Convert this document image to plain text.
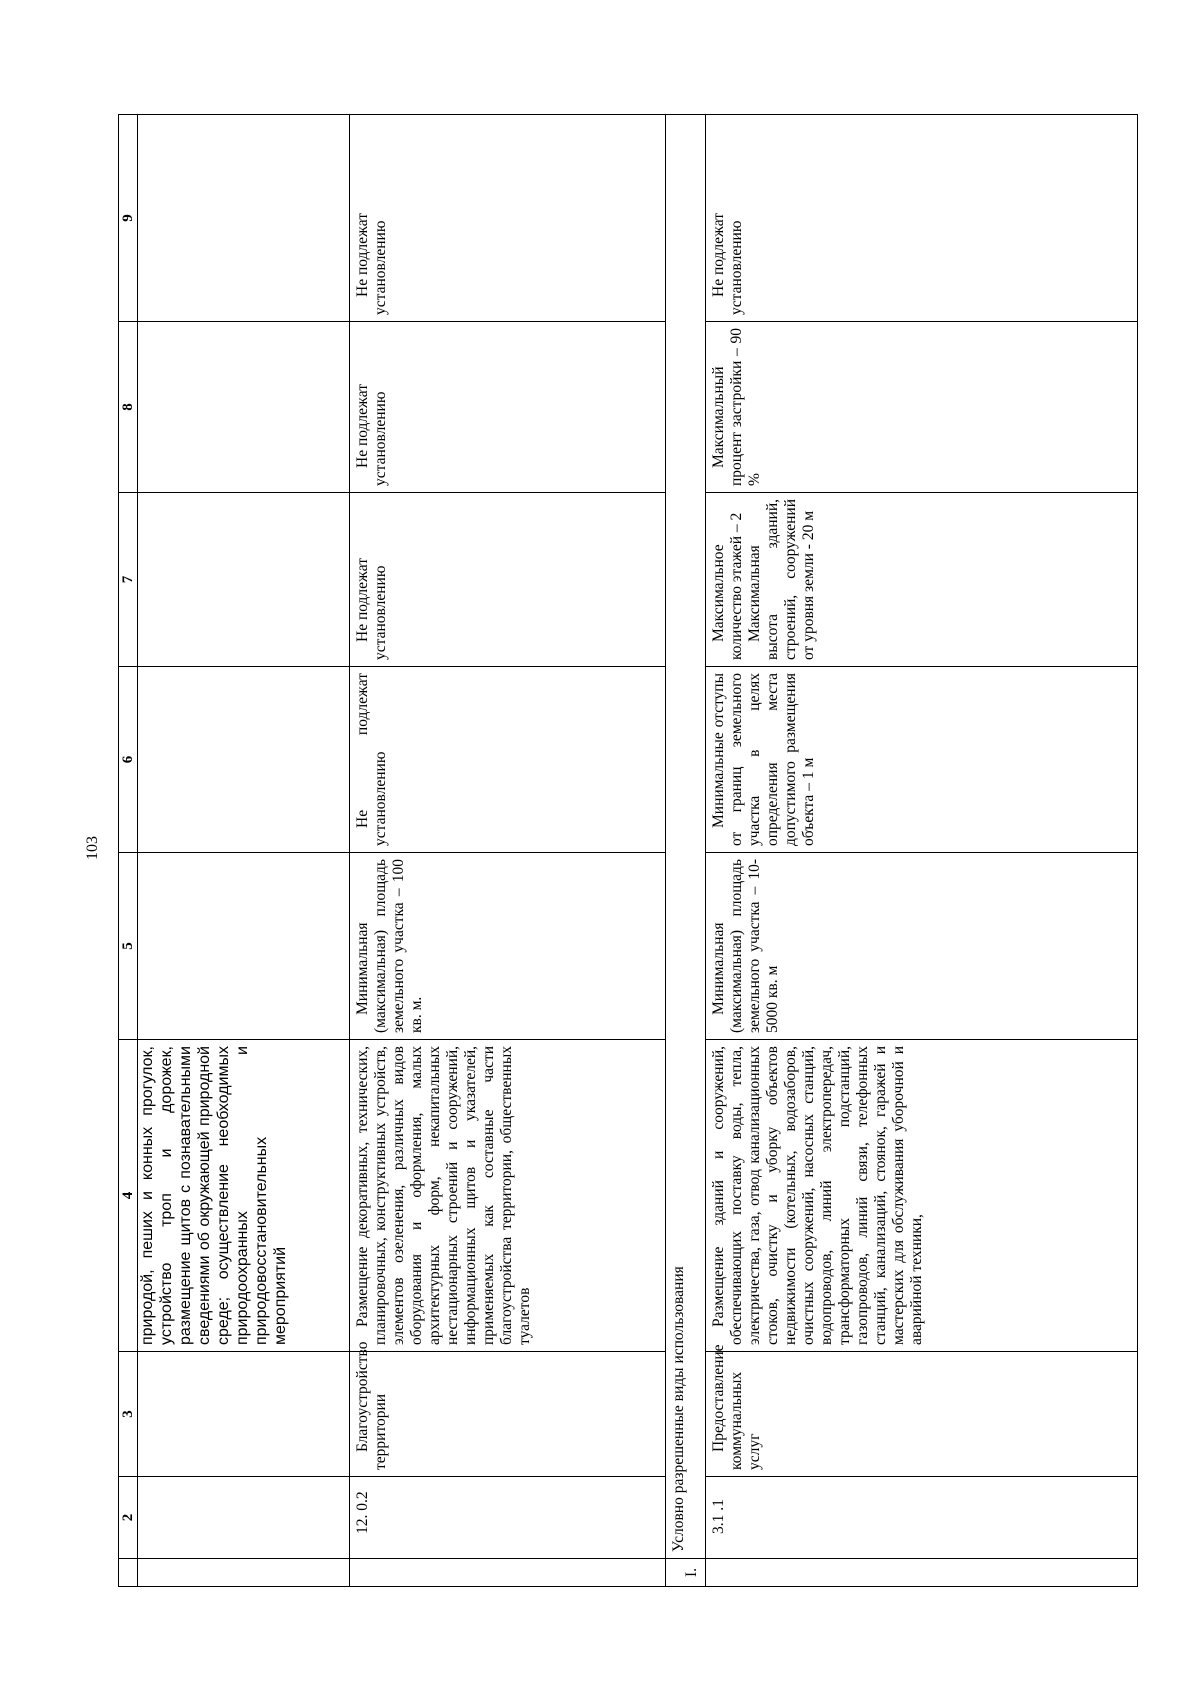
103
	2	3	4	5	6	7	8	9
			природой, пеших и конных прогулок, устройство троп и дорожек, размещение щитов с познавательными сведениями об окружающей природной среде; осуществление необходимых природоохранных и природовосстановительных мероприятий					
	12. 0.2	Благоустройство территории	Размещение декоративных, технических, планировочных, конструктивных устройств, элементов озеленения, различных видов оборудования и оформления, малых архитектурных форм, некапитальных нестационарных строений и сооружений, информационных щитов и указателей, применяемых как составные части благоустройства территории, общественных туалетов	Минимальная (максимальная) площадь земельного участка – 100 кв. м.	Не подлежат установлению	Не подлежат установлению	Не подлежат установлению	Не подлежат установлению

I.	Условно разрешенные виды использования							
	3.1 .1	Предоставление коммунальных услуг	Размещение зданий и сооружений, обеспечивающих поставку воды, тепла, электричества, газа, отвод канализационных стоков, очистку и уборку объектов недвижимости (котельных, водозаборов, очистных сооружений, насосных станций, водопроводов, линий электропередач, трансформаторных подстанций, газопроводов, линий связи, телефонных станций, канализаций, стоянок, гаражей и мастерских для обслуживания уборочной и аварийной техники,	Минимальная (максимальная) площадь земельного участка – 10-5000 кв. м	Минимальные отступы от границ земельного участка в целях определения места допустимого размещения объекта – 1 м	Максимальное количество этажей – 2 Максимальная высота зданий, строений, сооружений от уровня земли - 20 м	Максимальный процент застройки – 90 %	Не подлежат установлению
